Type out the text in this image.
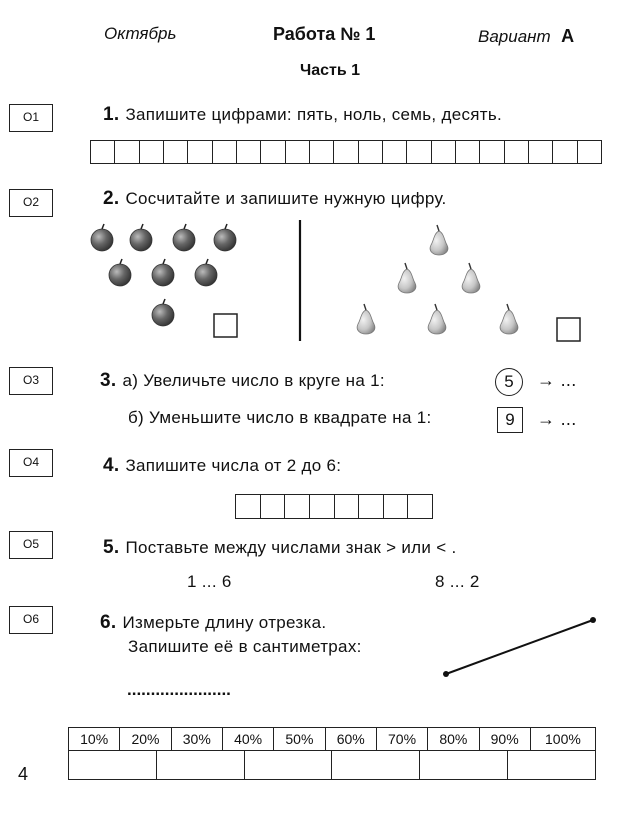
Октябрь	Работа № 1	Вариант А
Часть 1
О1
О2
О3
О4
О5
О6
1. Запишите цифрами: пять, ноль, семь, десять.
2. Сосчитайте и запишите нужную цифру.
3. а) Увеличьте число в круге на 1:	5	→ ...
б) Уменьшите число в квадрате на 1:	9	→ ...
4. Запишите числа от 2 до 6:
5. Поставьте между числами знак > или < .
1 ... 6	8 ... 2
6. Измерьте длину отрезка.
Запишите её в сантиметрах:
......................
10%	20%	30%	40%	50%	60%	70%	80%	90%	100%
4
